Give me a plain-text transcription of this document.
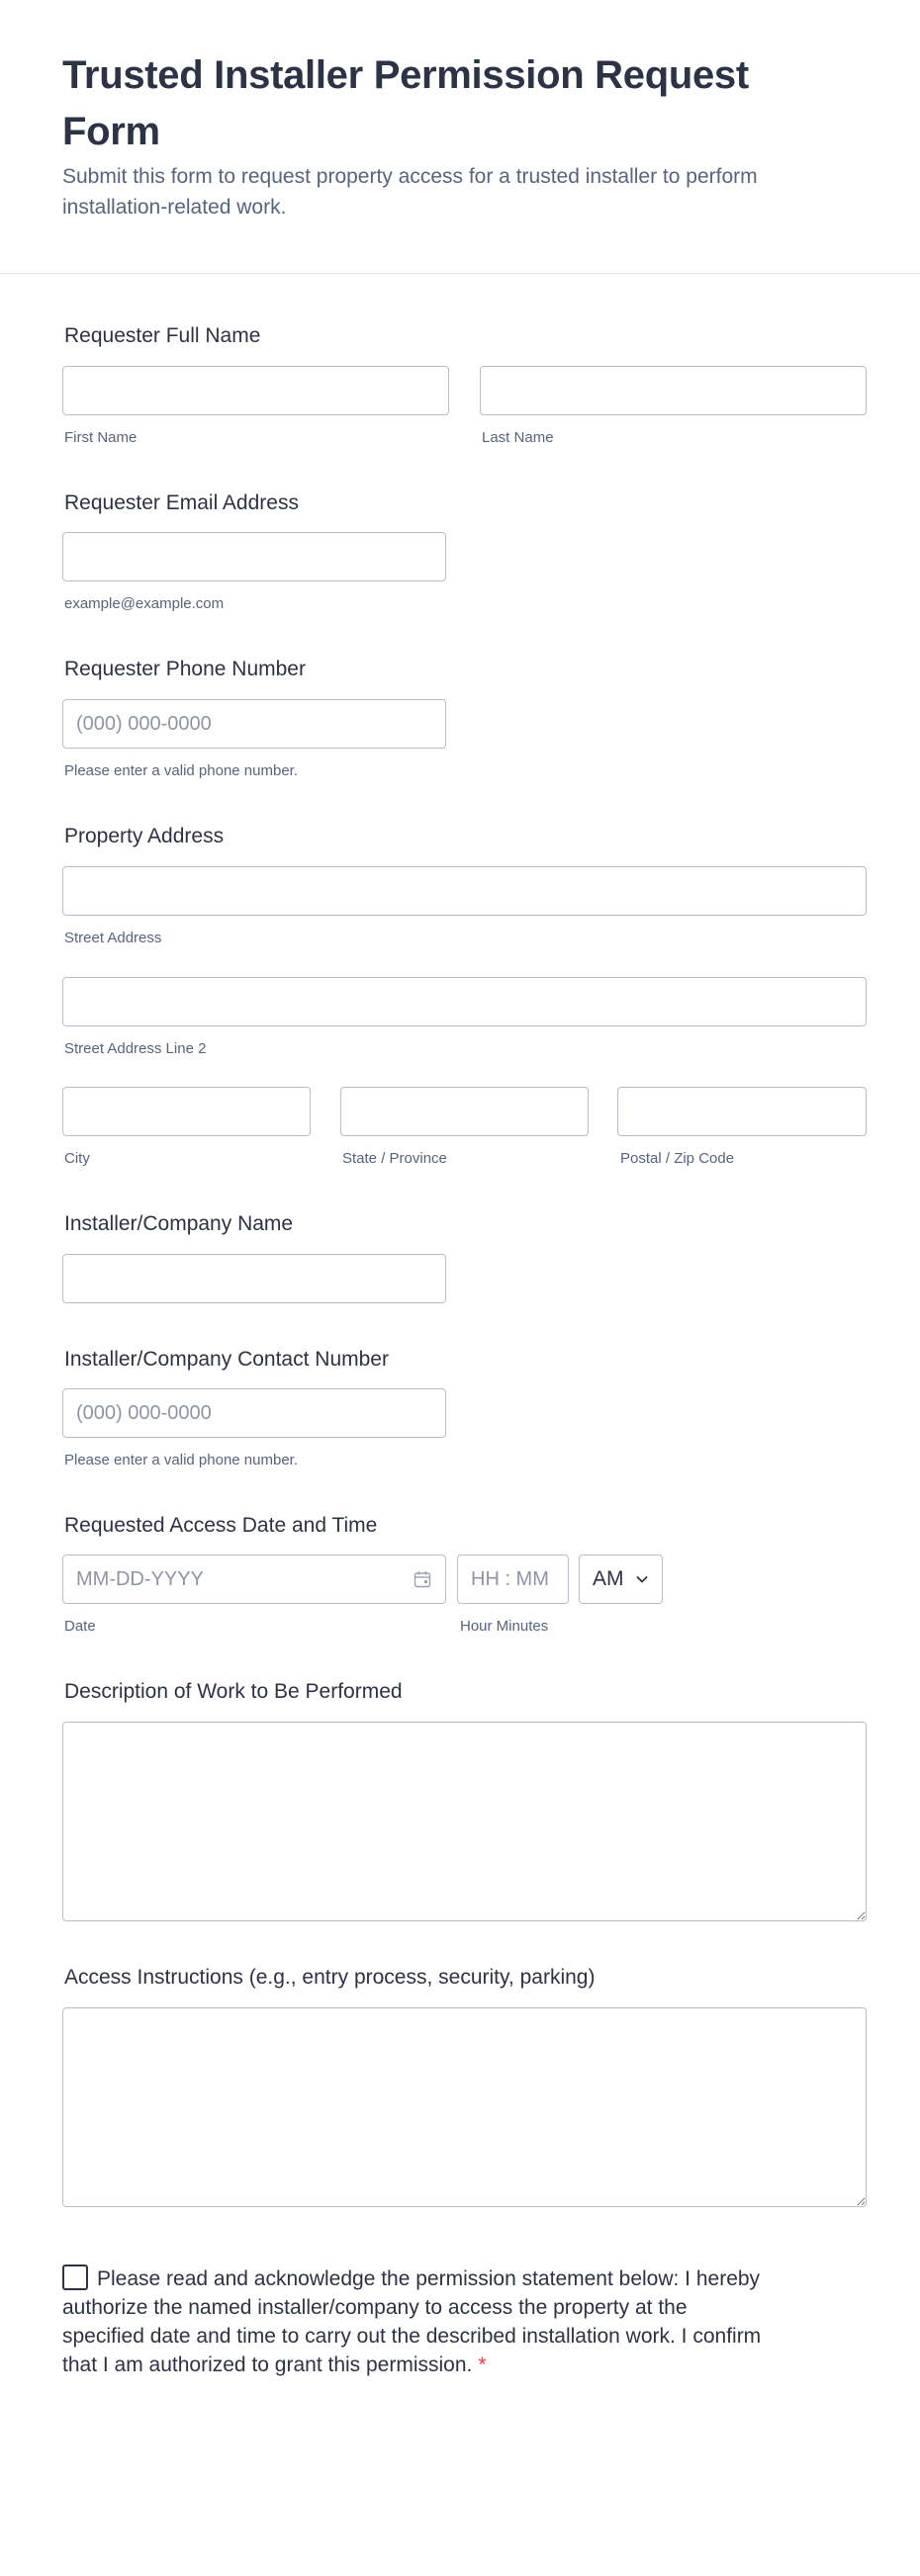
Trusted Installer Permission Request Form

Submit this form to request property access for a trusted installer to perform installation-related work.

Requester Full Name
First Name	Last Name
Requester Email Address
example@example.com
Requester Phone Number
(000) 000-0000
Please enter a valid phone number.
Property Address
Street Address
Street Address Line 2
City	State / Province	Postal / Zip Code
Installer/Company Name
Installer/Company Contact Number
(000) 000-0000
Please enter a valid phone number.
Requested Access Date and Time
MM-DD-YYYY
Date
HH : MM	Hour Minutes
AM
Description of Work to Be Performed
Access Instructions (e.g., entry process, security, parking)
Please read and acknowledge the permission statement below: I hereby authorize the named installer/company to access the property at the specified date and time to carry out the described installation work. I confirm that I am authorized to grant this permission. *
